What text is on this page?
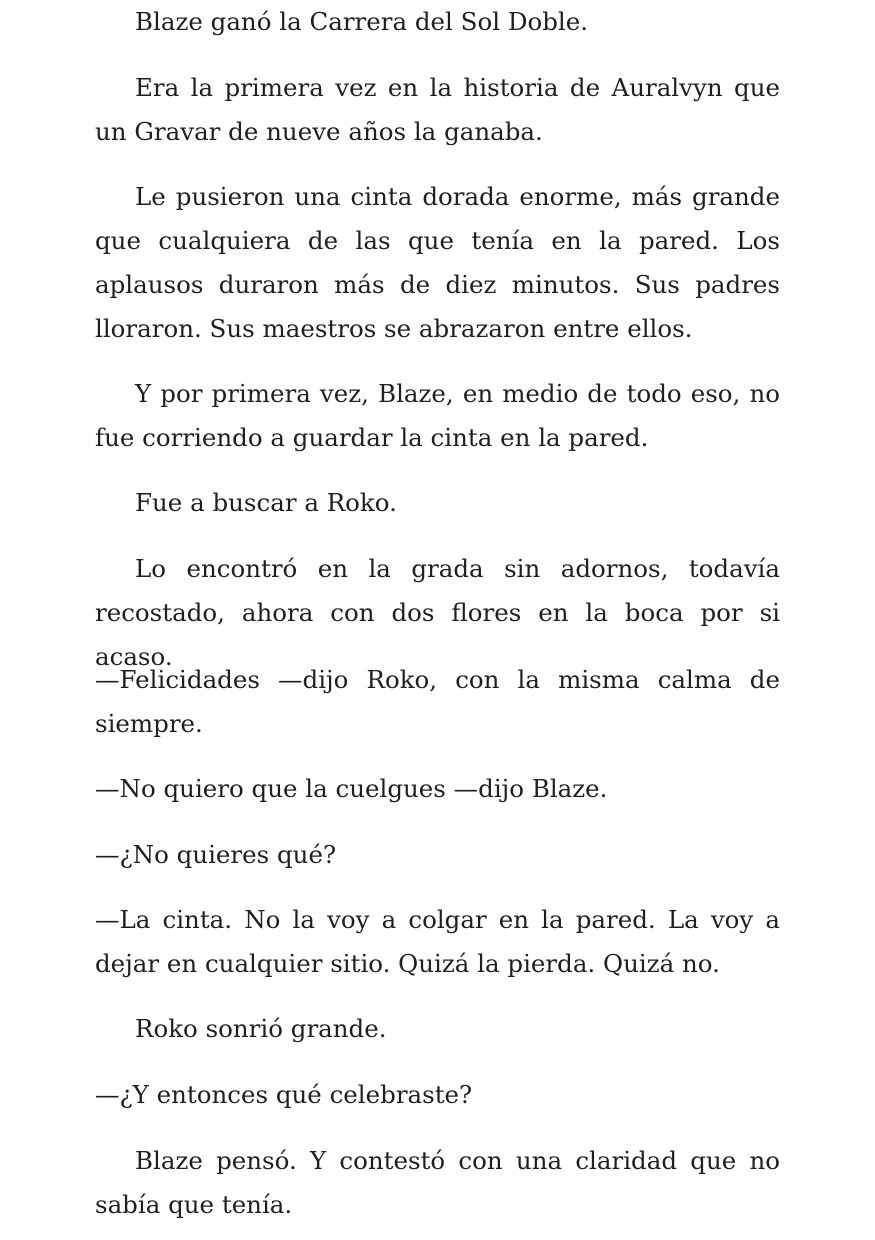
Blaze ganó la Carrera del Sol Doble.

Era la primera vez en la historia de Auralvyn que un Gravar de nueve años la ganaba.

Le pusieron una cinta dorada enorme, más grande que cualquiera de las que tenía en la pared. Los aplausos duraron más de diez minutos. Sus padres lloraron. Sus maestros se abrazaron entre ellos.

Y por primera vez, Blaze, en medio de todo eso, no fue corriendo a guardar la cinta en la pared.

Fue a buscar a Roko.

Lo encontró en la grada sin adornos, todavía recostado, ahora con dos flores en la boca por si acaso.

—Felicidades —dijo Roko, con la misma calma de siempre.

—No quiero que la cuelgues —dijo Blaze.

—¿No quieres qué?

—La cinta. No la voy a colgar en la pared. La voy a dejar en cualquier sitio. Quizá la pierda. Quizá no.

Roko sonrió grande.

—¿Y entonces qué celebraste?

Blaze pensó. Y contestó con una claridad que no sabía que tenía.
